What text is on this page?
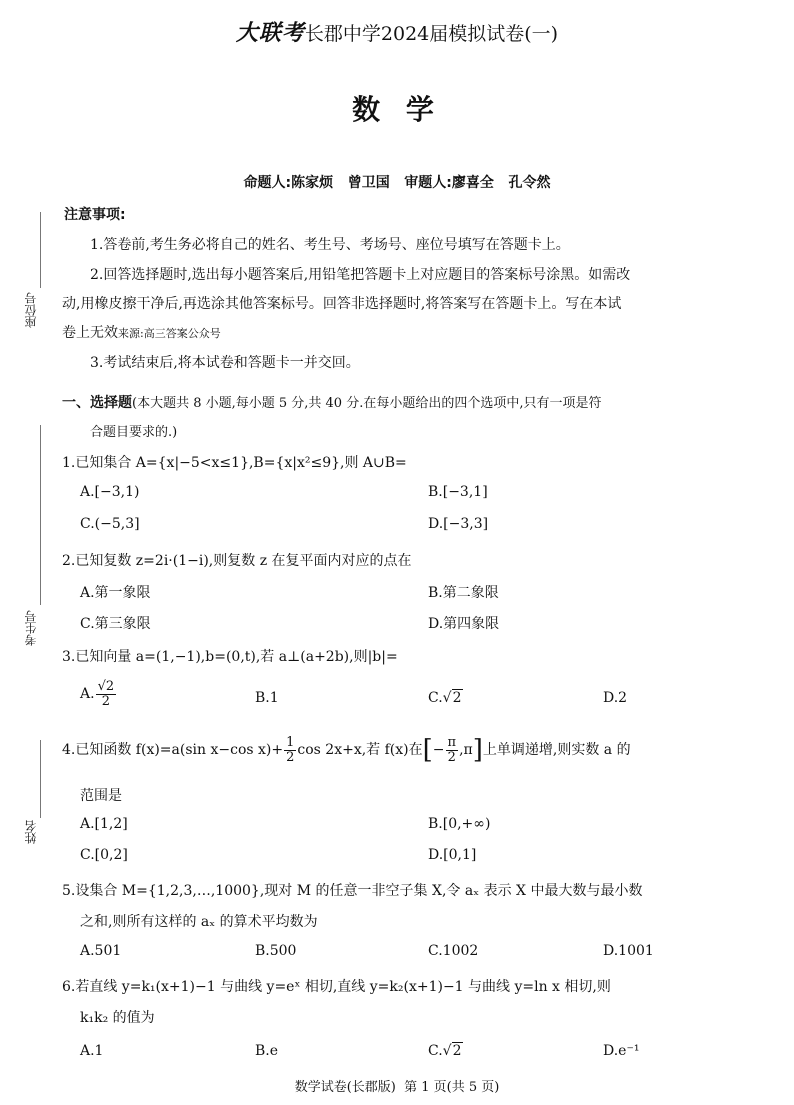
大联考长郡中学2024届模拟试卷(一)
数 学
命题人:陈家烦   曾卫国   审题人:廖喜全   孔令然
座位号
考生号
姓名
注意事项:
1.答卷前,考生务必将自己的姓名、考生号、考场号、座位号填写在答题卡上。
2.回答选择题时,选出每小题答案后,用铅笔把答题卡上对应题目的答案标号涂黑。如需改
动,用橡皮擦干净后,再选涂其他答案标号。回答非选择题时,将答案写在答题卡上。写在本试
卷上无效来源:高三答案公众号
3.考试结束后,将本试卷和答题卡一并交回。
一、选择题(本大题共 8 小题,每小题 5 分,共 40 分.在每小题给出的四个选项中,只有一项是符
合题目要求的.)
1.已知集合 A={x|−5<x≤1},B={x|x²≤9},则 A∪B=
A.[−3,1)	B.[−3,1]
C.(−5,3]	D.[−3,3]
2.已知复数 z=2i·(1−i),则复数 z 在复平面内对应的点在
A.第一象限	B.第二象限
C.第三象限	D.第四象限
3.已知向量 a=(1,−1),b=(0,t),若 a⊥(a+2b),则|b|=
A. $\frac{√2}{2}$	B.1	C.√2	D.2
4.已知函数 f(x)=a(sin x−cos $x)+ \frac{1}{2}$ cos 2x+x,若 f(x)在[− $\frac{\pi}{2} ,\pi$]上单调递增,则实数 a 的
范围是
A.[1,2]	B.[0,+∞)
C.[0,2]	D.[0,1]
5.设集合 M={1,2,3,…,1000},现对 M 的任意一非空子集 X,令 aₓ 表示 X 中最大数与最小数
之和,则所有这样的 aₓ 的算术平均数为
A.501	B.500	C.1002	D.1001
6.若直线 y=k₁(x+1)−1 与曲线 y=eˣ 相切,直线 y=k₂(x+1)−1 与曲线 y=ln x 相切,则
k₁k₂ 的值为
A.1	B.e	C.√2	D.e⁻¹
数学试卷(长郡版)  第 1 页(共 5 页)
